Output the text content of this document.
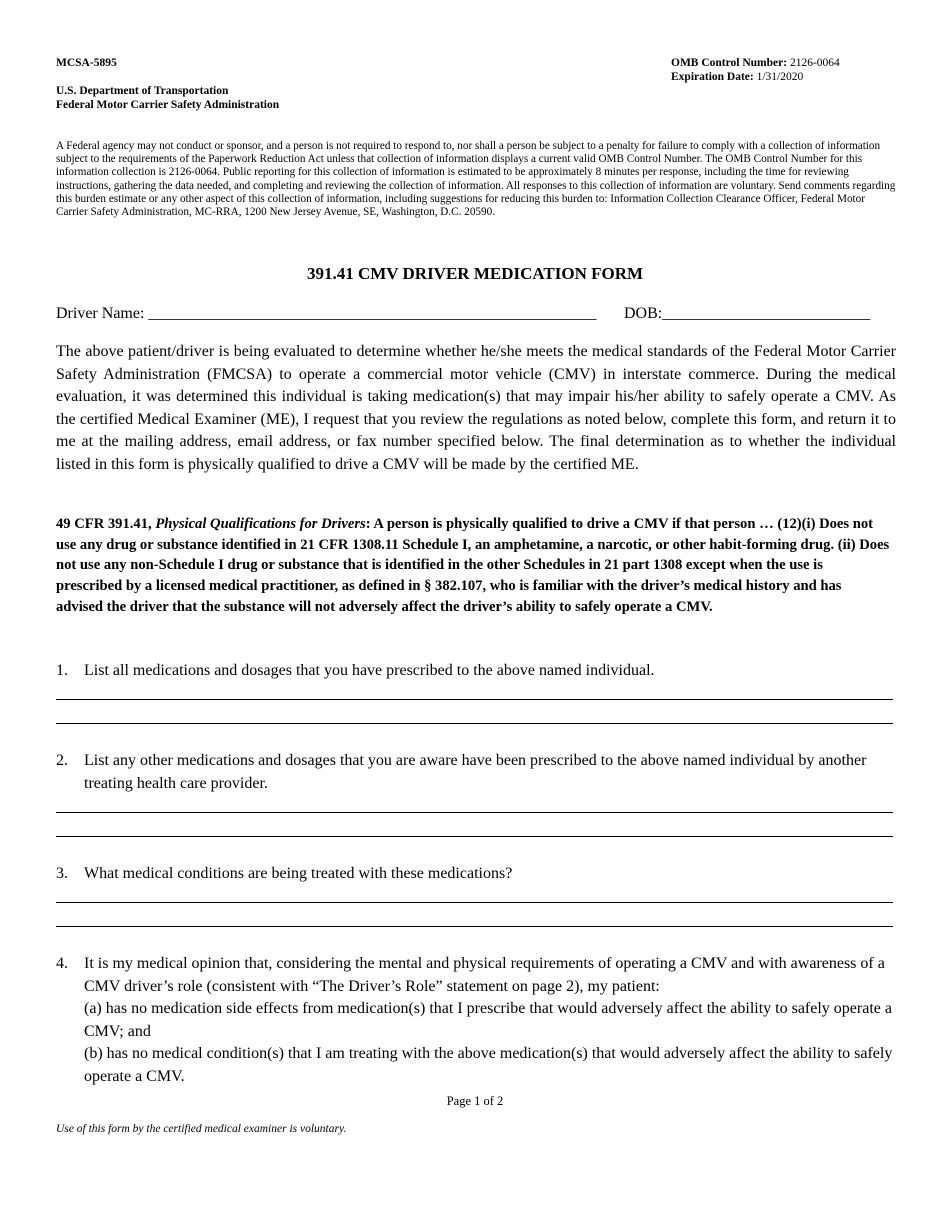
MCSA-5895
U.S. Department of Transportation
Federal Motor Carrier Safety Administration
OMB Control Number: 2126-0064
Expiration Date: 1/31/2020
A Federal agency may not conduct or sponsor, and a person is not required to respond to, nor shall a person be subject to a penalty for failure to comply with a collection of information subject to the requirements of the Paperwork Reduction Act unless that collection of information displays a current valid OMB Control Number. The OMB Control Number for this information collection is 2126-0064. Public reporting for this collection of information is estimated to be approximately 8 minutes per response, including the time for reviewing instructions, gathering the data needed, and completing and reviewing the collection of information. All responses to this collection of information are voluntary. Send comments regarding this burden estimate or any other aspect of this collection of information, including suggestions for reducing this burden to: Information Collection Clearance Officer, Federal Motor Carrier Safety Administration, MC-RRA, 1200 New Jersey Avenue, SE, Washington, D.C. 20590.
391.41 CMV DRIVER MEDICATION FORM
Driver Name: ________________________________________________________ DOB:__________________________
The above patient/driver is being evaluated to determine whether he/she meets the medical standards of the Federal Motor Carrier Safety Administration (FMCSA) to operate a commercial motor vehicle (CMV) in interstate commerce. During the medical evaluation, it was determined this individual is taking medication(s) that may impair his/her ability to safely operate a CMV. As the certified Medical Examiner (ME), I request that you review the regulations as noted below, complete this form, and return it to me at the mailing address, email address, or fax number specified below. The final determination as to whether the individual listed in this form is physically qualified to drive a CMV will be made by the certified ME.
49 CFR 391.41, Physical Qualifications for Drivers: A person is physically qualified to drive a CMV if that person … (12)(i) Does not use any drug or substance identified in 21 CFR 1308.11 Schedule I, an amphetamine, a narcotic, or other habit-forming drug. (ii) Does not use any non-Schedule I drug or substance that is identified in the other Schedules in 21 part 1308 except when the use is prescribed by a licensed medical practitioner, as defined in § 382.107, who is familiar with the driver’s medical history and has advised the driver that the substance will not adversely affect the driver’s ability to safely operate a CMV.
1. List all medications and dosages that you have prescribed to the above named individual.
2. List any other medications and dosages that you are aware have been prescribed to the above named individual by another treating health care provider.
3. What medical conditions are being treated with these medications?
4. It is my medical opinion that, considering the mental and physical requirements of operating a CMV and with awareness of a CMV driver’s role (consistent with “The Driver’s Role” statement on page 2), my patient:
(a) has no medication side effects from medication(s) that I prescribe that would adversely affect the ability to safely operate a CMV; and
(b) has no medical condition(s) that I am treating with the above medication(s) that would adversely affect the ability to safely operate a CMV.
Page 1 of 2
Use of this form by the certified medical examiner is voluntary.
